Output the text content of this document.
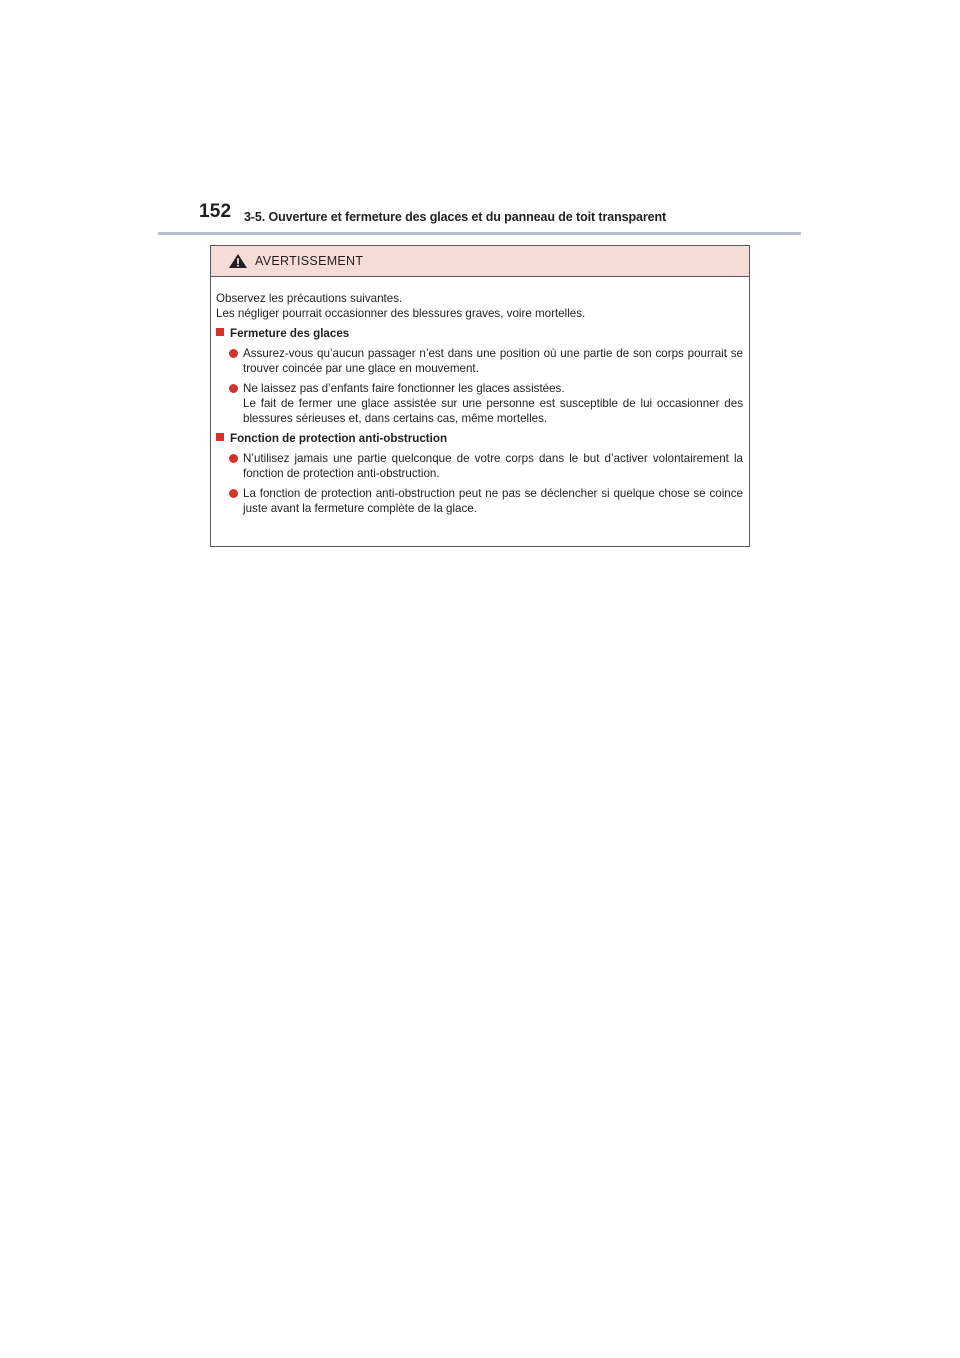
152 3-5. Ouverture et fermeture des glaces et du panneau de toit transparent
AVERTISSEMENT

Observez les précautions suivantes.

Les négliger pourrait occasionner des blessures graves, voire mortelles.

Fermeture des glaces

Assurez-vous qu’aucun passager n’est dans une position où une partie de son corps pourrait se trouver coincée par une glace en mouvement.

Ne laissez pas d’enfants faire fonctionner les glaces assistées.

Le fait de fermer une glace assistée sur une personne est susceptible de lui occasionner des blessures sérieuses et, dans certains cas, même mortelles.

Fonction de protection anti-obstruction

N’utilisez jamais une partie quelconque de votre corps dans le but d’activer volontairement la fonction de protection anti-obstruction.

La fonction de protection anti-obstruction peut ne pas se déclencher si quelque chose se coince juste avant la fermeture complète de la glace.
